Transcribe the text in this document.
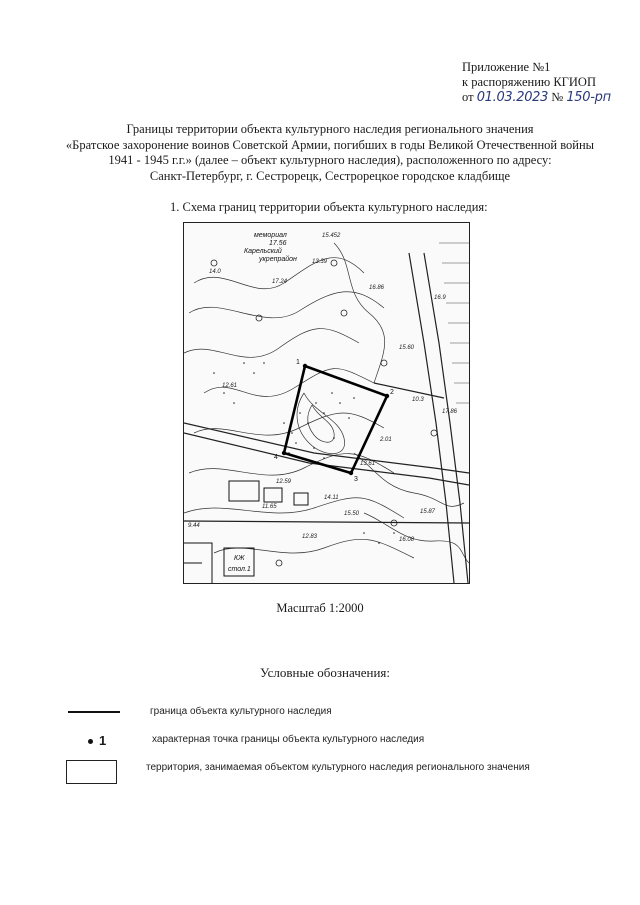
Приложение №1
к распоряжению КГИОП
от 01.03.2023 № 150-рп
Границы территории объекта культурного наследия регионального значения
«Братское захоронение воинов Советской Армии, погибших в годы Великой Отечественной войны
1941 - 1945 г.г.» (далее – объект культурного наследия), расположенного по адресу:
Санкт-Петербург, г. Сестрорецк, Сестрорецкое городское кладбище
1. Схема границ территории объекта культурного наследия:
1
2
3
4
мемориал
17.56
Карельский
укрепрайон
КЖ
стол.1
15.452
14.0
17.24
13.39
16.86
16.9
15.60
12.61
17.86
12.59
11.65
14.11
15.50	15.87
16.08
12.83
2.01
13.61
9.44
10.3
Масштаб 1:2000
Условные обозначения:
граница объекта культурного наследия
1	характерная точка границы объекта культурного наследия
территория, занимаемая объектом культурного наследия регионального значения
